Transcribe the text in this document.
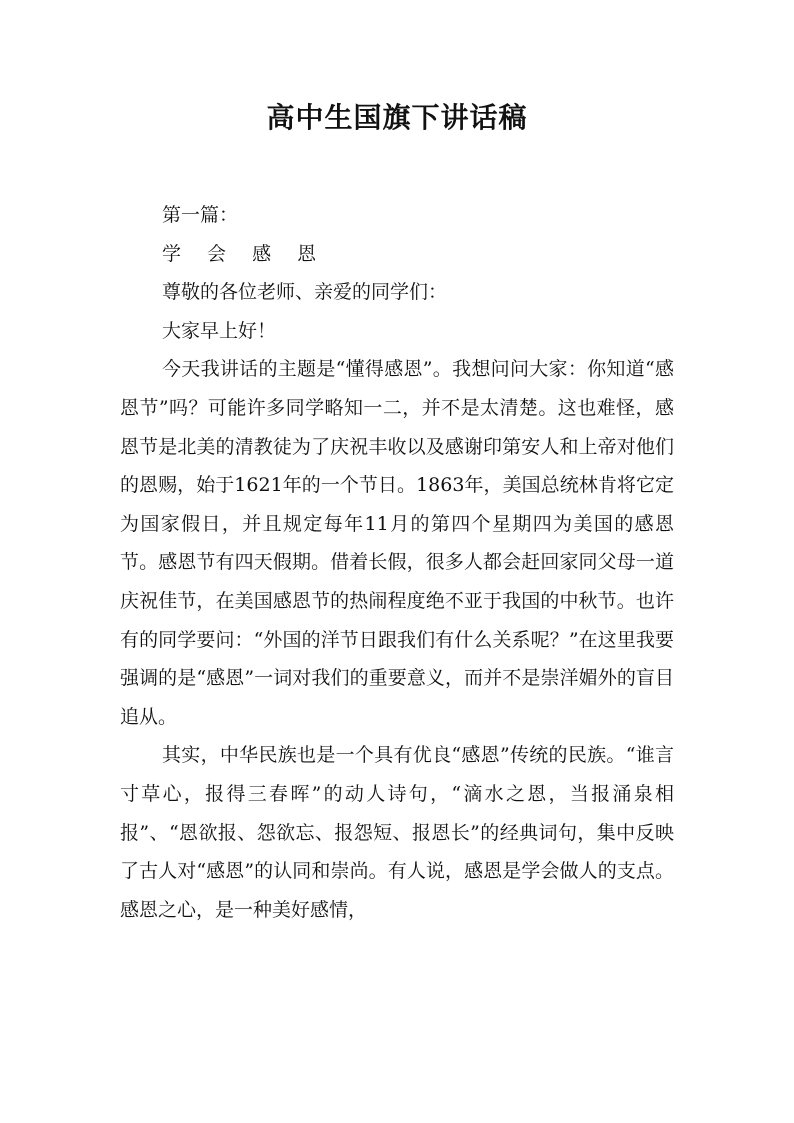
高中生国旗下讲话稿

第一篇：

学 会 感 恩

尊敬的各位老师、亲爱的同学们：

大家早上好！

今天我讲话的主题是“懂得感恩”。我想问问大家：你知道“感恩节”吗？可能许多同学略知一二，并不是太清楚。这也难怪，感恩节是北美的清教徒为了庆祝丰收以及感谢印第安人和上帝对他们的恩赐，始于1621年的一个节日。1863年，美国总统林肯将它定为国家假日，并且规定每年11月的第四个星期四为美国的感恩节。感恩节有四天假期。借着长假，很多人都会赶回家同父母一道庆祝佳节，在美国感恩节的热闹程度绝不亚于我国的中秋节。也许有的同学要问：“外国的洋节日跟我们有什么关系呢？”在这里我要强调的是“感恩”一词对我们的重要意义，而并不是崇洋媚外的盲目追从。

其实，中华民族也是一个具有优良“感恩”传统的民族。“谁言寸草心，报得三春晖”的动人诗句，“滴水之恩，当报涌泉相报”、“恩欲报、怨欲忘、报怨短、报恩长”的经典词句，集中反映了古人对“感恩”的认同和崇尚。有人说，感恩是学会做人的支点。感恩之心，是一种美好感情，
